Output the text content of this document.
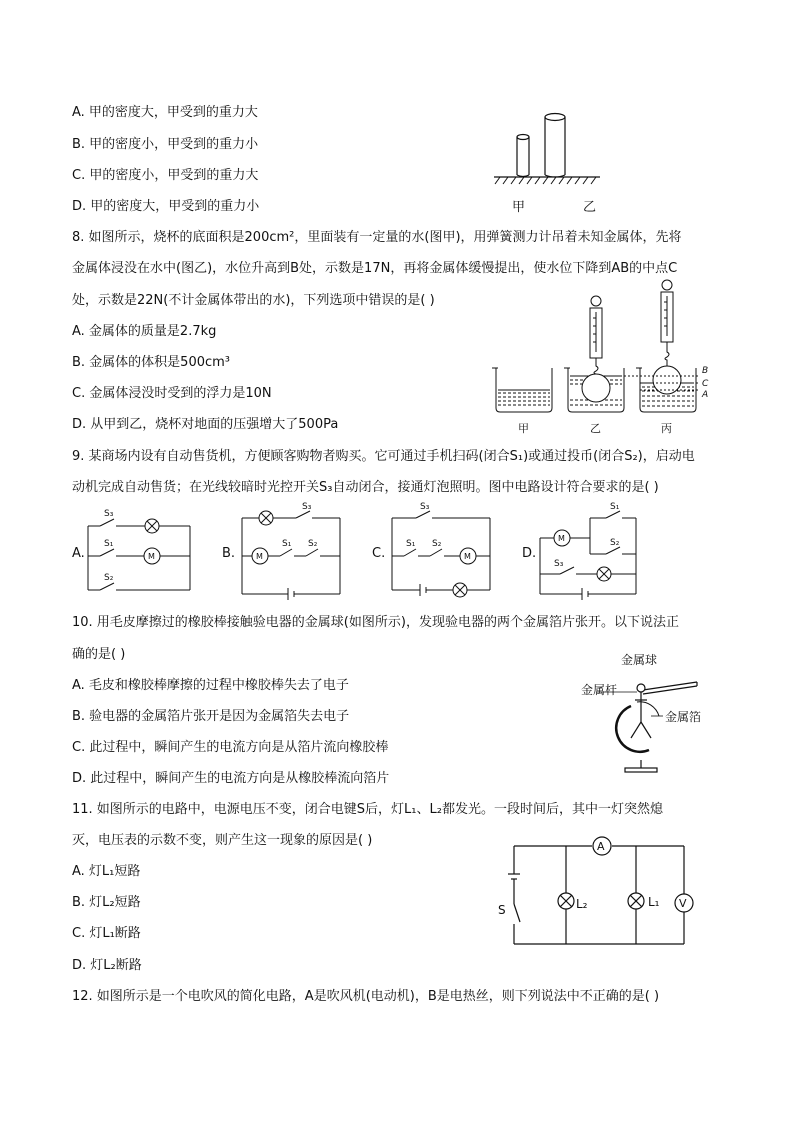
A. 甲的密度大，甲受到的重力大
B. 甲的密度小，甲受到的重力小
C. 甲的密度小，甲受到的重力大
D. 甲的密度大，甲受到的重力小	甲	乙
8. 如图所示，烧杯的底面积是200cm²，里面装有一定量的水(图甲)，用弹簧测力计吊着未知金属体，先将
金属体浸没在水中(图乙)，水位升高到B处，示数是17N，再将金属体缓慢提出，使水位下降到AB的中点C
处，示数是22N(不计金属体带出的水)，下列选项中错误的是( )
A. 金属体的质量是2.7kg
B. 金属体的体积是500cm³
C. 金属体浸没时受到的浮力是10N
D. 从甲到乙，烧杯对地面的压强增大了500Pa
B
C
A
甲	乙	丙
9. 某商场内设有自动售货机，方便顾客购物者购买。它可通过手机扫码(闭合S₁)或通过投币(闭合S₂)，启动电
动机完成自动售货；在光线较暗时光控开关S₃自动闭合，接通灯泡照明。图中电路设计符合要求的是( )
S₃
S₁
M
S₂
S₃
M
S₁ S₂
S₃
S₁ S₂
M
S₁
S₂
M
S₃
A.	B.	C.	D.
10. 用毛皮摩擦过的橡胶棒接触验电器的金属球(如图所示)，发现验电器的两个金属箔片张开。以下说法正
确的是( )
A. 毛皮和橡胶棒摩擦的过程中橡胶棒失去了电子
B. 验电器的金属箔片张开是因为金属箔失去电子
C. 此过程中，瞬间产生的电流方向是从箔片流向橡胶棒
D. 此过程中，瞬间产生的电流方向是从橡胶棒流向箔片
金属球
金属杆
金属箔
11. 如图所示的电路中，电源电压不变，闭合电键S后，灯L₁、L₂都发光。一段时间后，其中一灯突然熄
灭，电压表的示数不变，则产生这一现象的原因是( )
A. 灯L₁短路
B. 灯L₂短路
C. 灯L₁断路
D. 灯L₂断路
A
V
L₂	L₁
S
12. 如图所示是一个电吹风的简化电路，A是吹风机(电动机)，B是电热丝，则下列说法中不正确的是( )
